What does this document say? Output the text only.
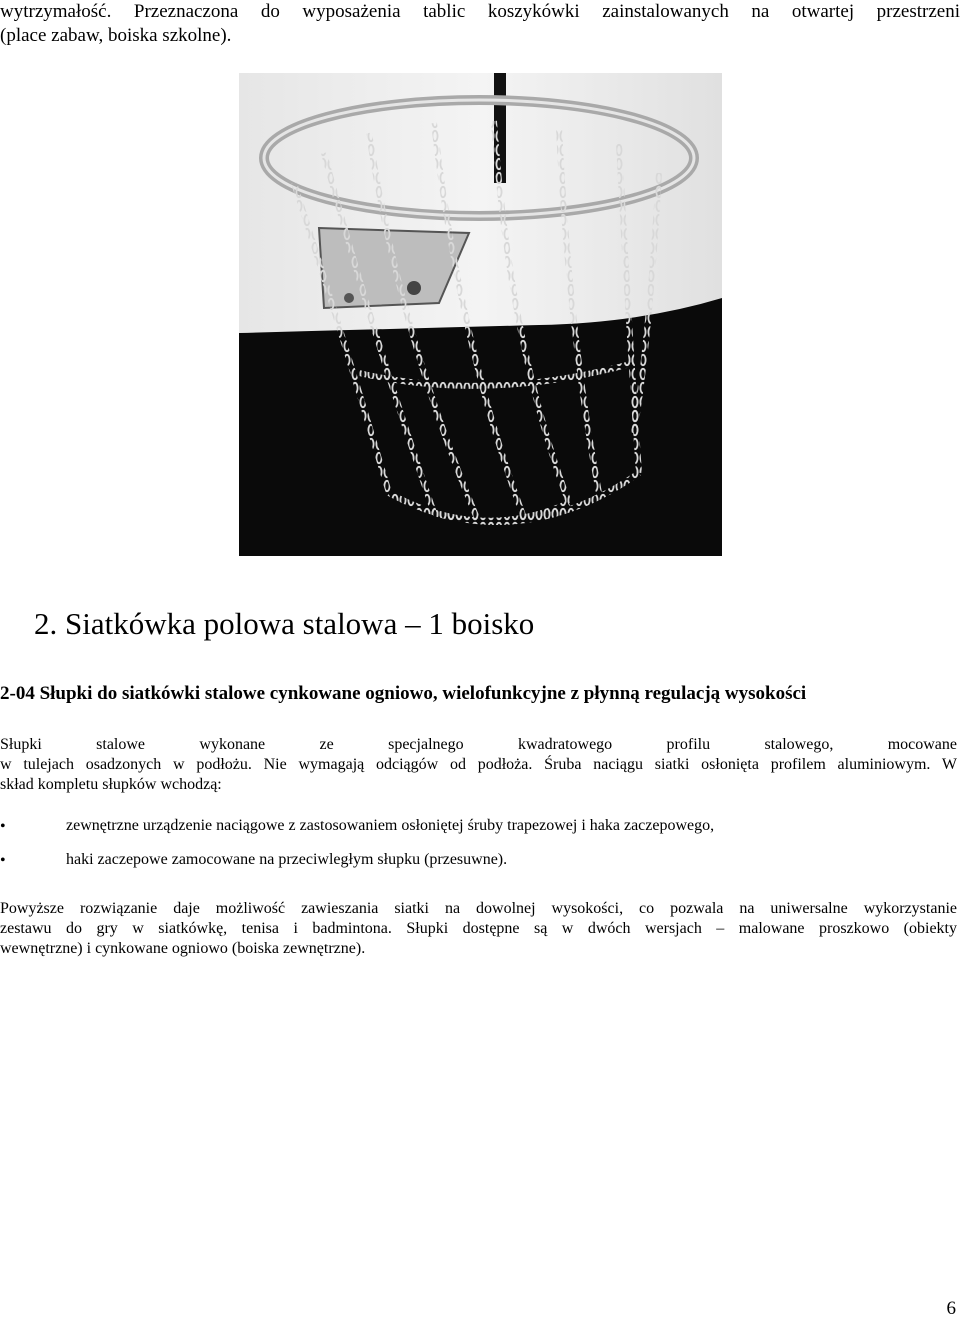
wytrzymałość. Przeznaczona do wyposażenia tablic koszykówki zainstalowanych na otwartej przestrzeni
(place zabaw, boiska szkolne).
2. Siatkówka polowa stalowa – 1 boisko
2-04 Słupki do siatkówki stalowe cynkowane ogniowo, wielofunkcyjne z płynną regulacją wysokości
Słupki stalowe wykonane ze specjalnego kwadratowego profilu stalowego, mocowane
w tulejach osadzonych w podłożu. Nie wymagają odciągów od podłoża. Śruba naciągu siatki osłonięta profilem aluminiowym. W
skład kompletu słupków wchodzą:
•	zewnętrzne urządzenie naciągowe z zastosowaniem osłoniętej śruby trapezowej i haka zaczepowego,
•	haki zaczepowe zamocowane na przeciwległym słupku (przesuwne).
Powyższe rozwiązanie daje możliwość zawieszania siatki na dowolnej wysokości, co pozwala na uniwersalne wykorzystanie
zestawu do gry w siatkówkę, tenisa i badmintona. Słupki dostępne są w dwóch wersjach – malowane proszkowo (obiekty
wewnętrzne) i cynkowane ogniowo (boiska zewnętrzne).
6
